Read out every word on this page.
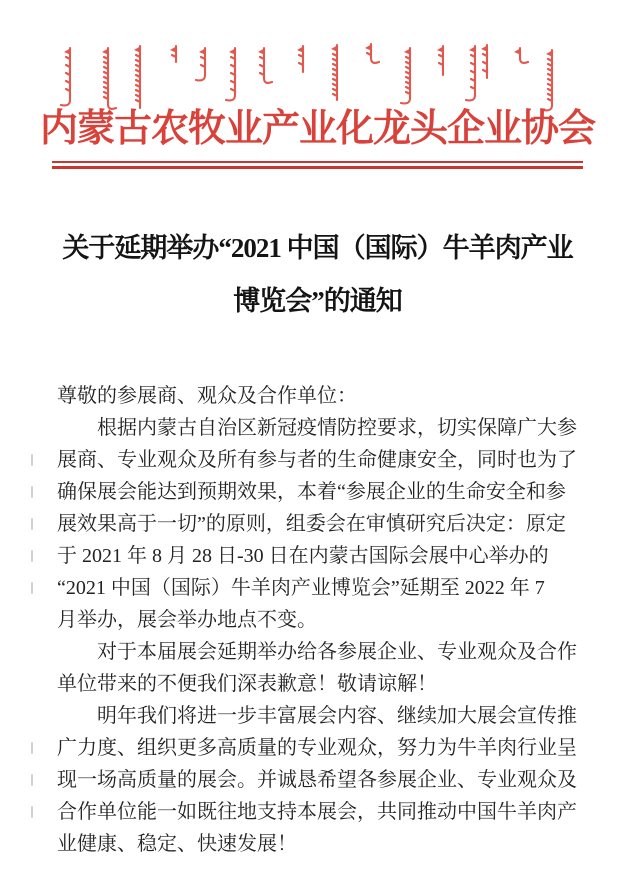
内蒙古农牧业产业化龙头企业协会
关于延期举办“2021 中国（国际）牛羊肉产业
博览会”的通知
尊敬的参展商、观众及合作单位：
根据内蒙古自治区新冠疫情防控要求，切实保障广大参
展商、专业观众及所有参与者的生命健康安全，同时也为了
确保展会能达到预期效果，本着“参展企业的生命安全和参
展效果高于一切”的原则，组委会在审慎研究后决定：原定
于 2021 年 8 月 28 日-30 日在内蒙古国际会展中心举办的
“2021 中国（国际）牛羊肉产业博览会”延期至 2022 年 7
月举办，展会举办地点不变。
对于本届展会延期举办给各参展企业、专业观众及合作
单位带来的不便我们深表歉意！敬请谅解！
明年我们将进一步丰富展会内容、继续加大展会宣传推
广力度、组织更多高质量的专业观众，努力为牛羊肉行业呈
现一场高质量的展会。并诚恳希望各参展企业、专业观众及
合作单位能一如既往地支持本展会，共同推动中国牛羊肉产
业健康、稳定、快速发展！
